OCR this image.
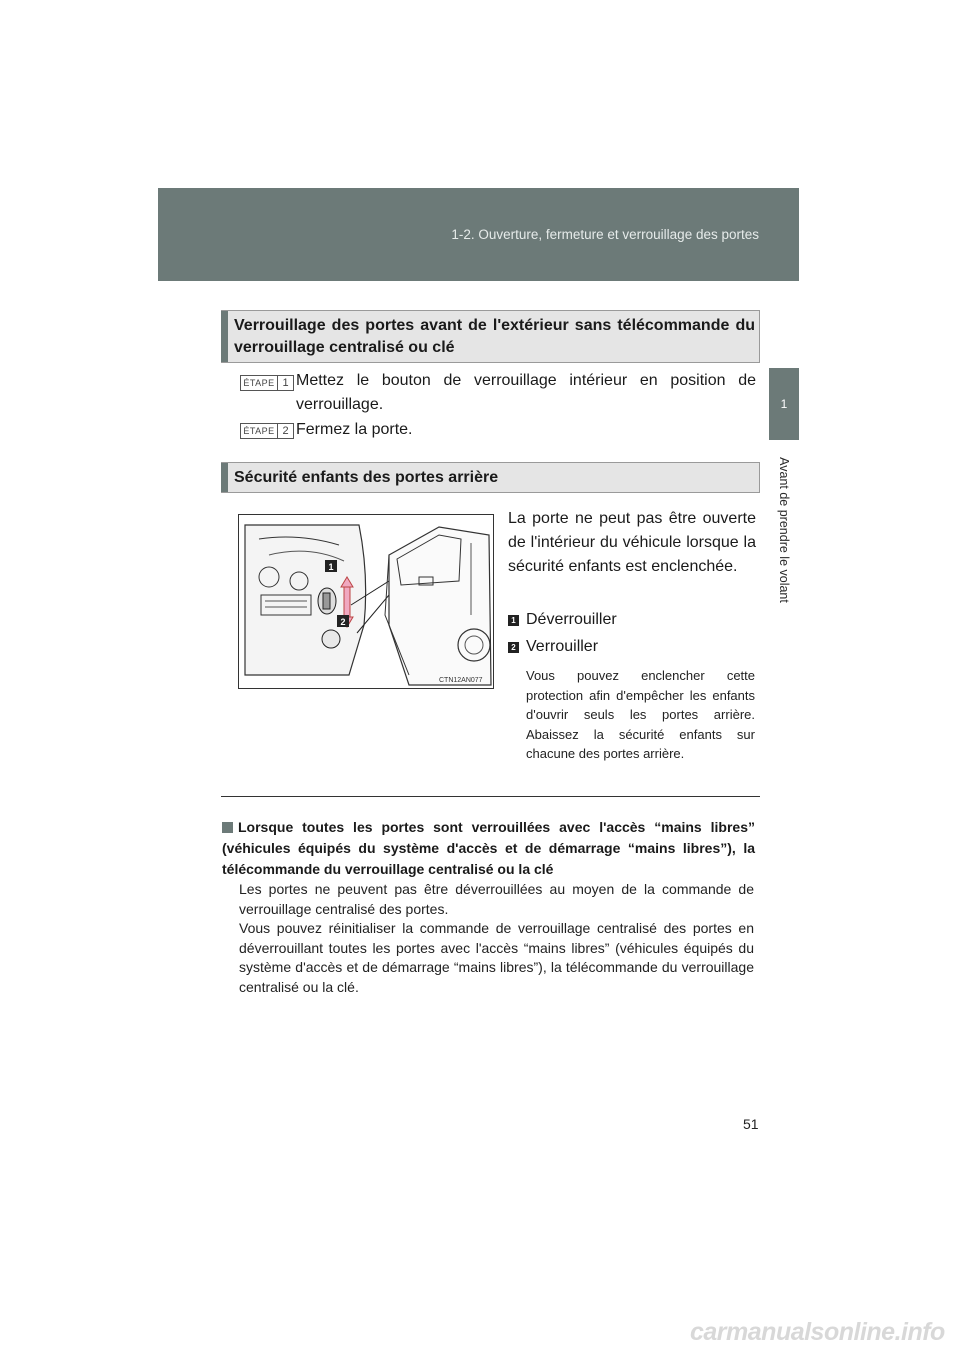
1-2. Ouverture, fermeture et verrouillage des portes
1
Avant de prendre le volant
Verrouillage des portes avant de l'extérieur sans télécommande du verrouillage centralisé ou clé
ÉTAPE 1 Mettez le bouton de verrouillage intérieur en position de verrouillage.
ÉTAPE 2 Fermez la porte.
Sécurité enfants des portes arrière
1
2
CTN12AN077
La porte ne peut pas être ouverte de l'intérieur du véhicule lorsque la sécurité enfants est enclenchée.
1 Déverrouiller
2 Verrouiller
Vous pouvez enclencher cette protection afin d'empêcher les enfants d'ouvrir seuls les portes arrière. Abaissez la sécurité enfants sur chacune des portes arrière.
Lorsque toutes les portes sont verrouillées avec l'accès “mains libres” (véhicules équipés du système d'accès et de démarrage “mains libres”), la télécommande du verrouillage centralisé ou la clé
Les portes ne peuvent pas être déverrouillées au moyen de la commande de verrouillage centralisé des portes.
Vous pouvez réinitialiser la commande de verrouillage centralisé des portes en déverrouillant toutes les portes avec l'accès “mains libres” (véhicules équipés du système d'accès et de démarrage “mains libres”), la télécommande du verrouillage centralisé ou la clé.
51
carmanualsonline.info
